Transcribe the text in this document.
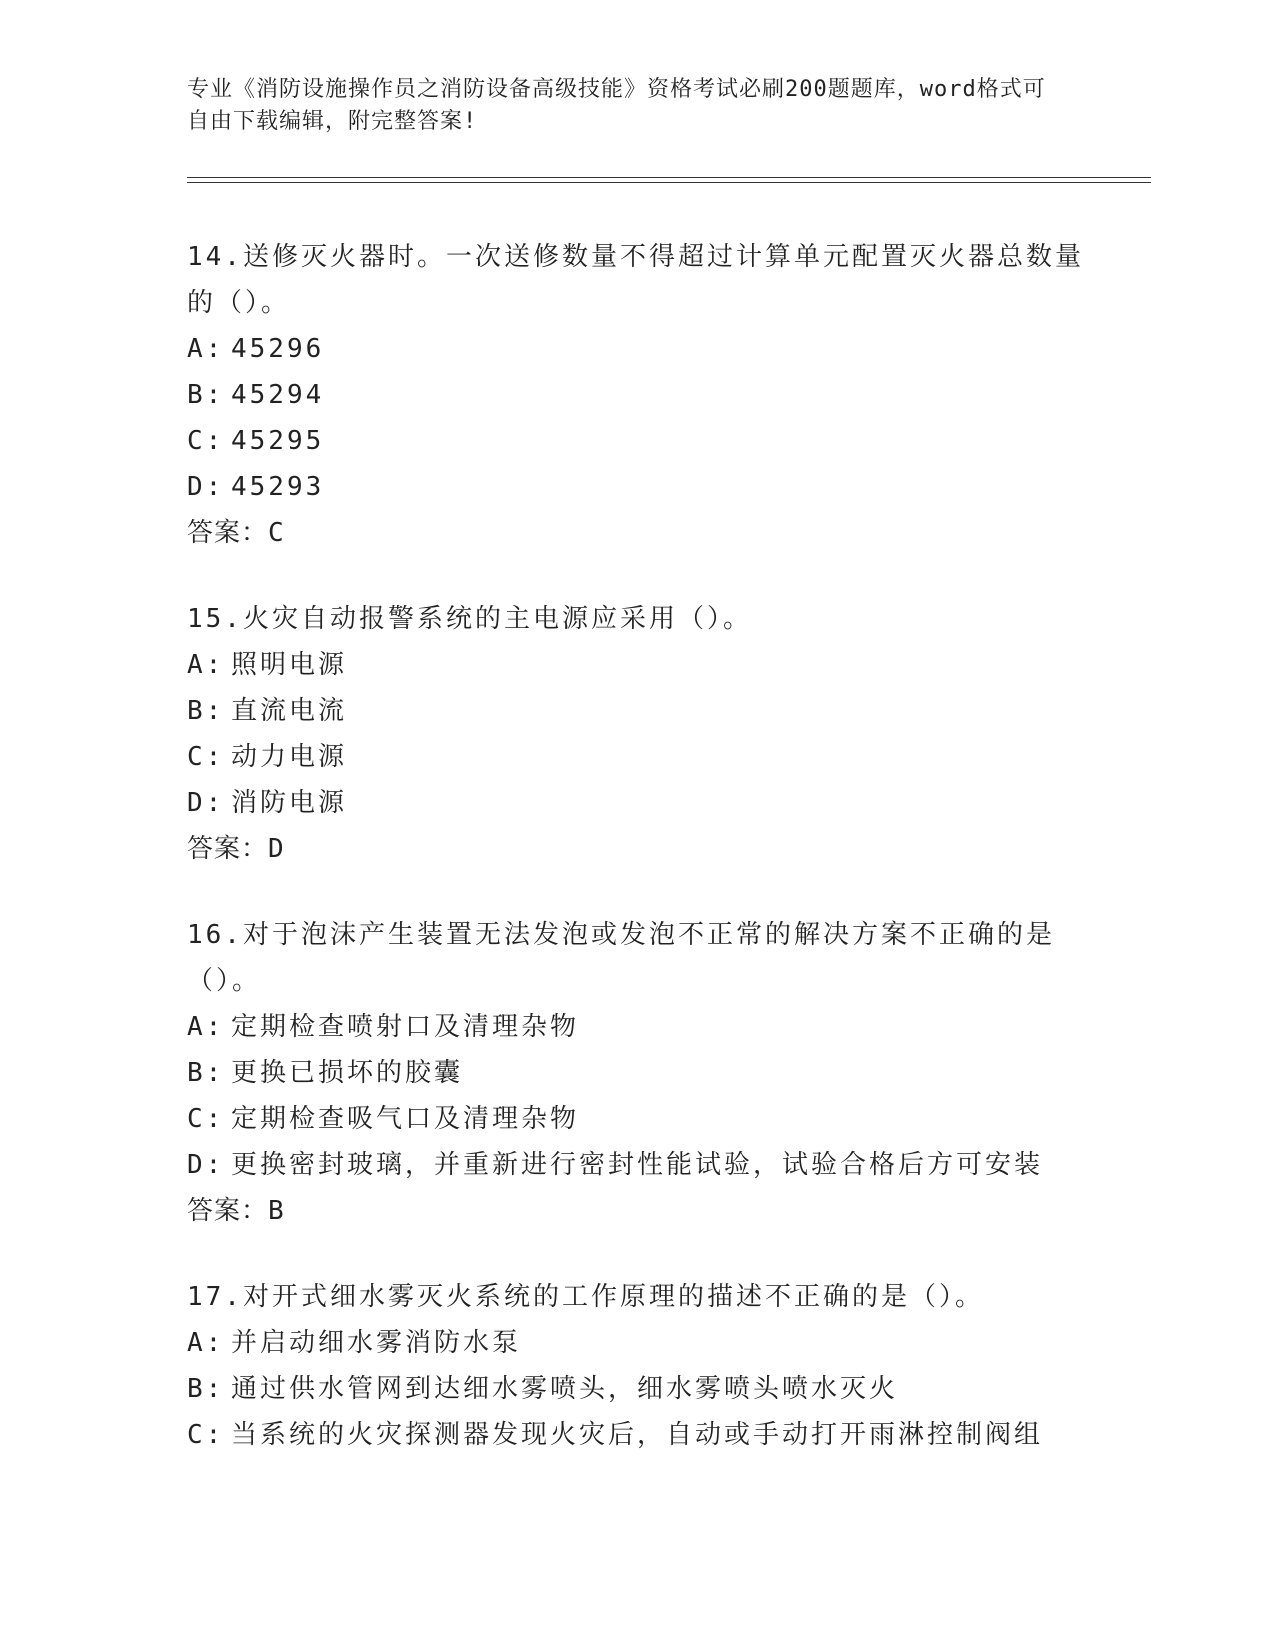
专业《消防设施操作员之消防设备高级技能》资格考试必刷200题题库，word格式可自由下载编辑，附完整答案!

14.送修灭火器时。一次送修数量不得超过计算单元配置灭火器总数量的（）。

A: 45296

B: 45294

C: 45295

D: 45293

答案：C

15.火灾自动报警系统的主电源应采用（）。

A: 照明电源

B: 直流电流

C: 动力电源

D: 消防电源

答案：D

16.对于泡沫产生装置无法发泡或发泡不正常的解决方案不正确的是（）。

A: 定期检查喷射口及清理杂物

B: 更换已损坏的胶囊

C: 定期检查吸气口及清理杂物

D: 更换密封玻璃，并重新进行密封性能试验，试验合格后方可安装

答案：B

17.对开式细水雾灭火系统的工作原理的描述不正确的是（）。

A: 并启动细水雾消防水泵

B: 通过供水管网到达细水雾喷头，细水雾喷头喷水灭火

C: 当系统的火灾探测器发现火灾后，自动或手动打开雨淋控制阀组
